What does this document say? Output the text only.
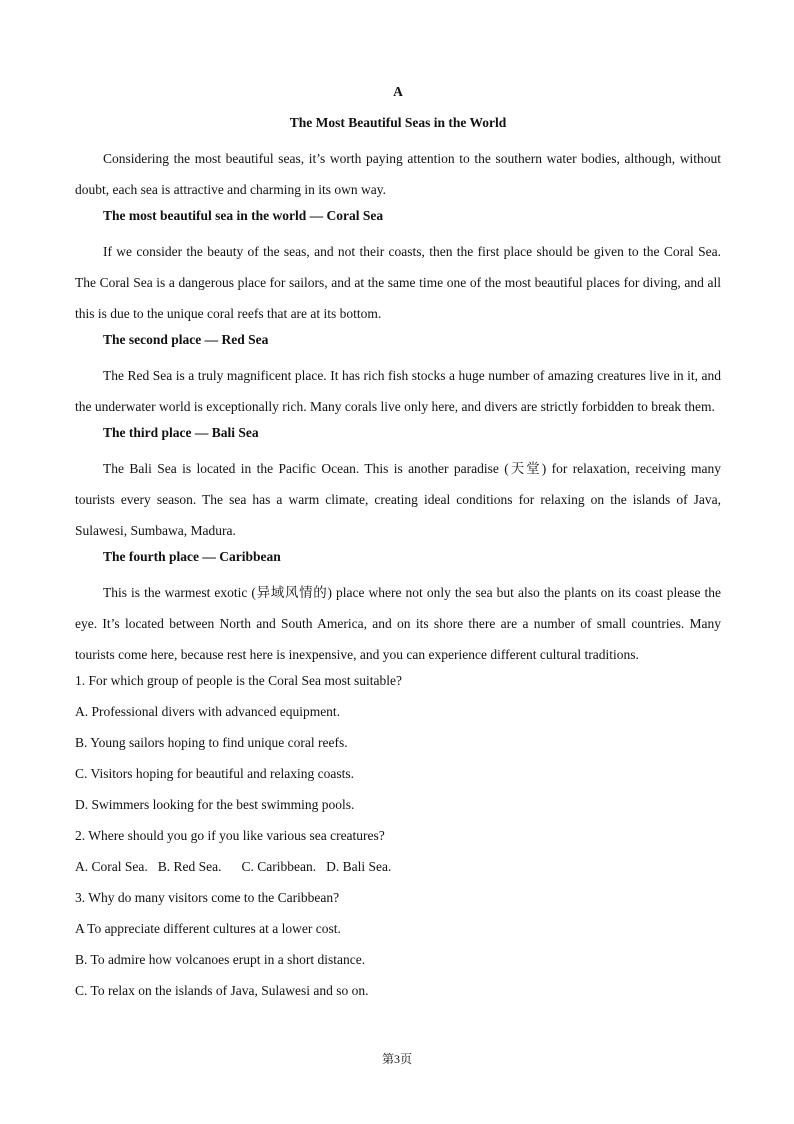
A
The Most Beautiful Seas in the World
Considering the most beautiful seas, it’s worth paying attention to the southern water bodies, although, without doubt, each sea is attractive and charming in its own way.
The most beautiful sea in the world — Coral Sea
If we consider the beauty of the seas, and not their coasts, then the first place should be given to the Coral Sea. The Coral Sea is a dangerous place for sailors, and at the same time one of the most beautiful places for diving, and all this is due to the unique coral reefs that are at its bottom.
The second place — Red Sea
The Red Sea is a truly magnificent place. It has rich fish stocks a huge number of amazing creatures live in it, and the underwater world is exceptionally rich. Many corals live only here, and divers are strictly forbidden to break them.
The third place — Bali Sea
The Bali Sea is located in the Pacific Ocean. This is another paradise (天堂) for relaxation, receiving many tourists every season. The sea has a warm climate, creating ideal conditions for relaxing on the islands of Java, Sulawesi, Sumbawa, Madura.
The fourth place — Caribbean
This is the warmest exotic (异域风情的) place where not only the sea but also the plants on its coast please the eye. It’s located between North and South America, and on its shore there are a number of small countries. Many tourists come here, because rest here is inexpensive, and you can experience different cultural traditions.
1. For which group of people is the Coral Sea most suitable?
A. Professional divers with advanced equipment.
B. Young sailors hoping to find unique coral reefs.
C. Visitors hoping for beautiful and relaxing coasts.
D. Swimmers looking for the best swimming pools.
2. Where should you go if you like various sea creatures?
A. Coral Sea. B. Red Sea. C. Caribbean. D. Bali Sea.
3. Why do many visitors come to the Caribbean?
A To appreciate different cultures at a lower cost.
B. To admire how volcanoes erupt in a short distance.
C. To relax on the islands of Java, Sulawesi and so on.
第3页
